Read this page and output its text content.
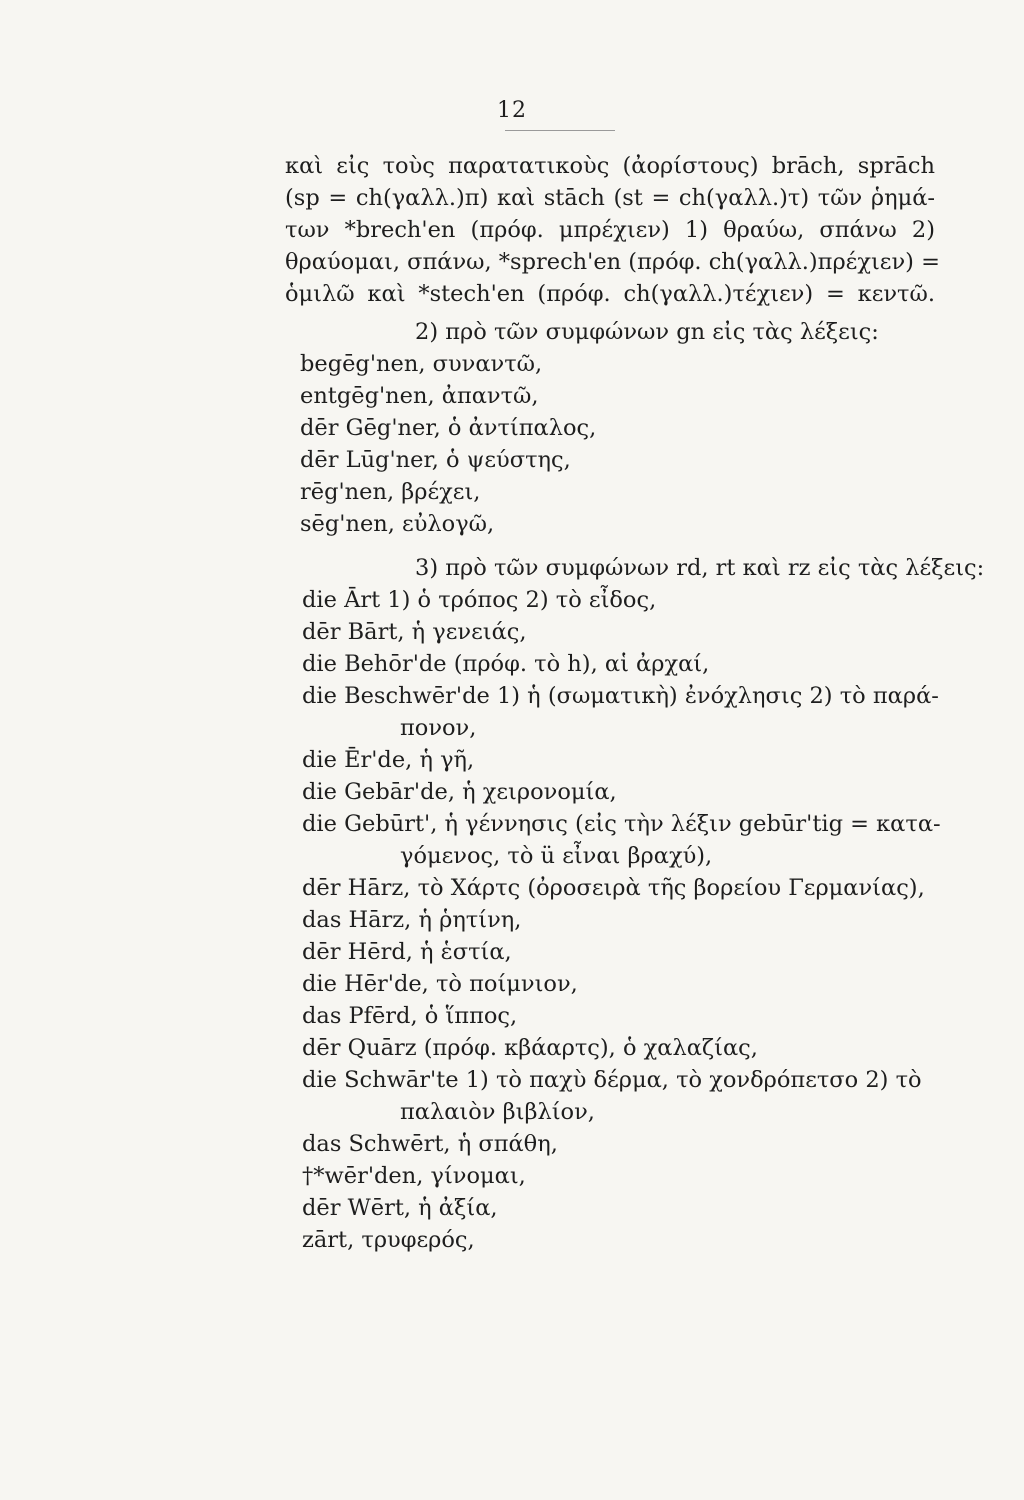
12
καὶ εἰς τοὺς παρατατικοὺς (ἀορίστους) brāch, sprāch
(sp = ch(γαλλ.)π) καὶ stāch (st = ch(γαλλ.)τ) τῶν ῥημά-
των *brech'en (πρόφ. μπρέχιεν) 1) θραύω, σπάνω 2)
θραύομαι, σπάνω, *sprech'en (πρόφ. ch(γαλλ.)πρέχιεν) =
ὁμιλῶ καὶ *stech'en (πρόφ. ch(γαλλ.)τέχιεν) = κεντῶ.
2) πρὸ τῶν συμφώνων gn εἰς τὰς λέξεις:
begēg'nen, συναντῶ,
entgēg'nen, ἀπαντῶ,
dēr Gēg'ner, ὁ ἀντίπαλος,
dēr Lūg'ner, ὁ ψεύστης,
rēg'nen, βρέχει,
sēg'nen, εὐλογῶ,
3) πρὸ τῶν συμφώνων rd, rt καὶ rz εἰς τὰς λέξεις:
die Ārt 1) ὁ τρόπος 2) τὸ εἶδος,
dēr Bārt, ἡ γενειάς,
die Behōr'de (πρόφ. τὸ h), αἱ ἀρχαί,
die Beschwēr'de 1) ἡ (σωματικὴ) ἐνόχλησις 2) τὸ παρά-
πονον,
die Ēr'de, ἡ γῆ,
die Gebār'de, ἡ χειρονομία,
die Gebūrt', ἡ γέννησις (εἰς τὴν λέξιν gebūr'tig = κατα-
γόμενος, τὸ ü εἶναι βραχύ),
dēr Hārz, τὸ Χάρτς (ὀροσειρὰ τῆς βορείου Γερμανίας),
das Hārz, ἡ ῥητίνη,
dēr Hērd, ἡ ἑστία,
die Hēr'de, τὸ ποίμνιον,
das Pfērd, ὁ ἵππος,
dēr Quārz (πρόφ. κβάαρτς), ὁ χαλαζίας,
die Schwār'te 1) τὸ παχὺ δέρμα, τὸ χονδρόπετσο 2) τὸ
παλαιὸν βιβλίον,
das Schwērt, ἡ σπάθη,
†*wēr'den, γίνομαι,
dēr Wērt, ἡ ἀξία,
zārt, τρυφερός,
